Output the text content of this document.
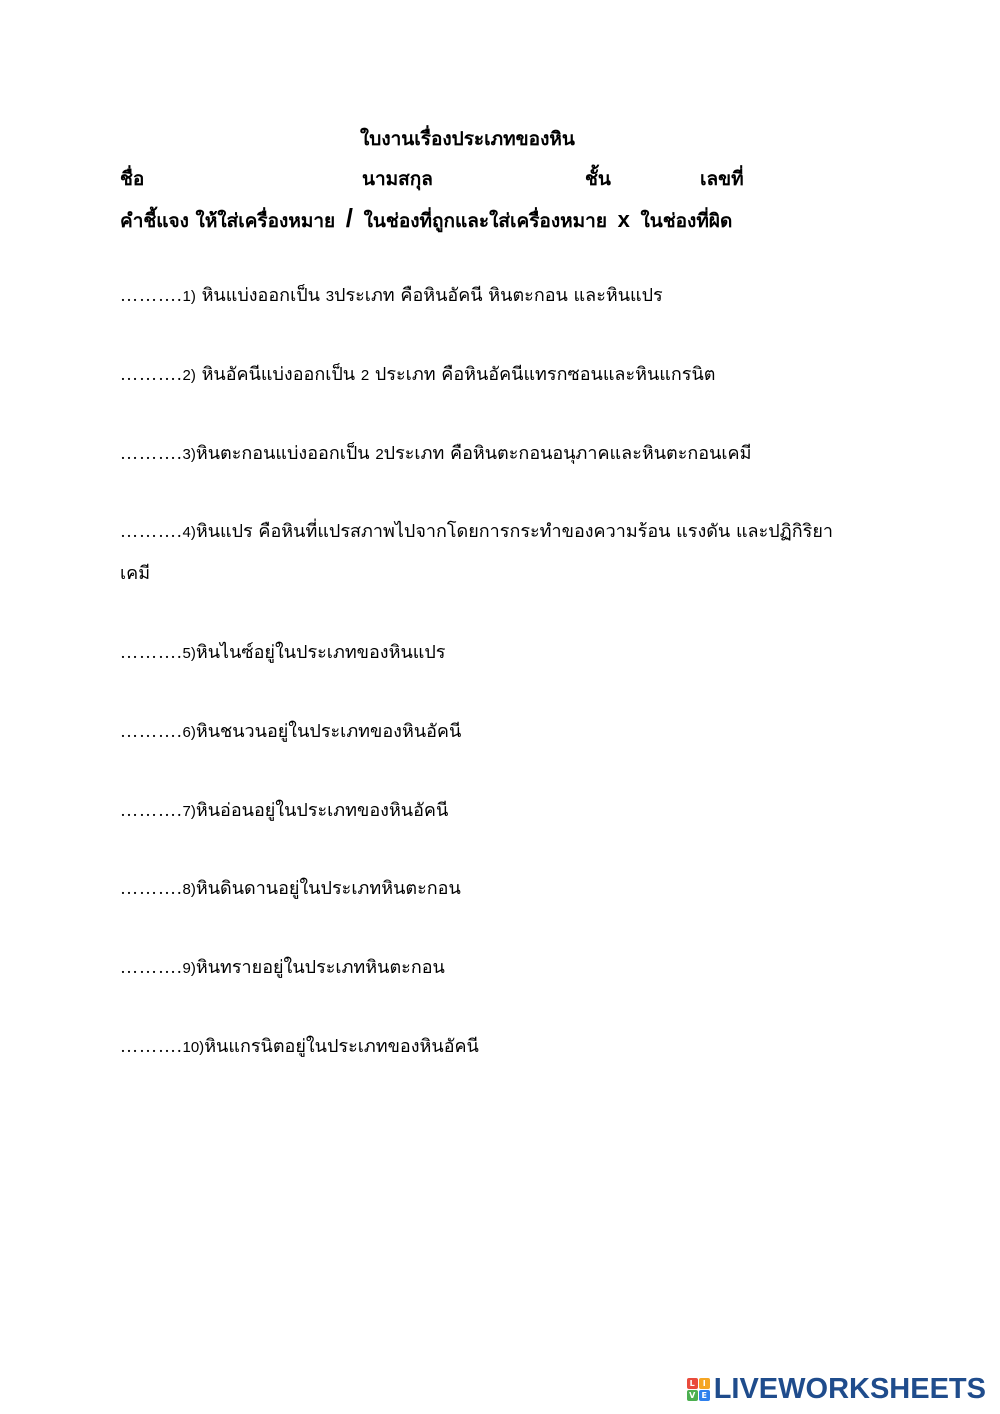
ใบงานเรื่องประเภทของหิน
ชื่อ	นามสกุล	ชั้น	เลขที่
คำชี้แจง ให้ใส่เครื่องหมาย / ในช่องที่ถูกและใส่เครื่องหมาย x ในช่องที่ผิด
……….1) หินแบ่งออกเป็น 3ประเภท คือหินอัคนี หินตะกอน และหินแปร
……….2) หินอัคนีแบ่งออกเป็น 2 ประเภท คือหินอัคนีแทรกซอนและหินแกรนิต
……….3)หินตะกอนแบ่งออกเป็น 2ประเภท คือหินตะกอนอนุภาคและหินตะกอนเคมี
……….4)หินแปร คือหินที่แปรสภาพไปจากโดยการกระทำของความร้อน แรงดัน และปฏิกิริยา
เคมี
……….5)หินไนซ์อยู่ในประเภทของหินแปร
……….6)หินชนวนอยู่ในประเภทของหินอัคนี
……….7)หินอ่อนอยู่ในประเภทของหินอัคนี
……….8)หินดินดานอยู่ในประเภทหินตะกอน
……….9)หินทรายอยู่ในประเภทหินตะกอน
……….10)หินแกรนิตอยู่ในประเภทของหินอัคนี
L I
V E LIVEWORKSHEETS
